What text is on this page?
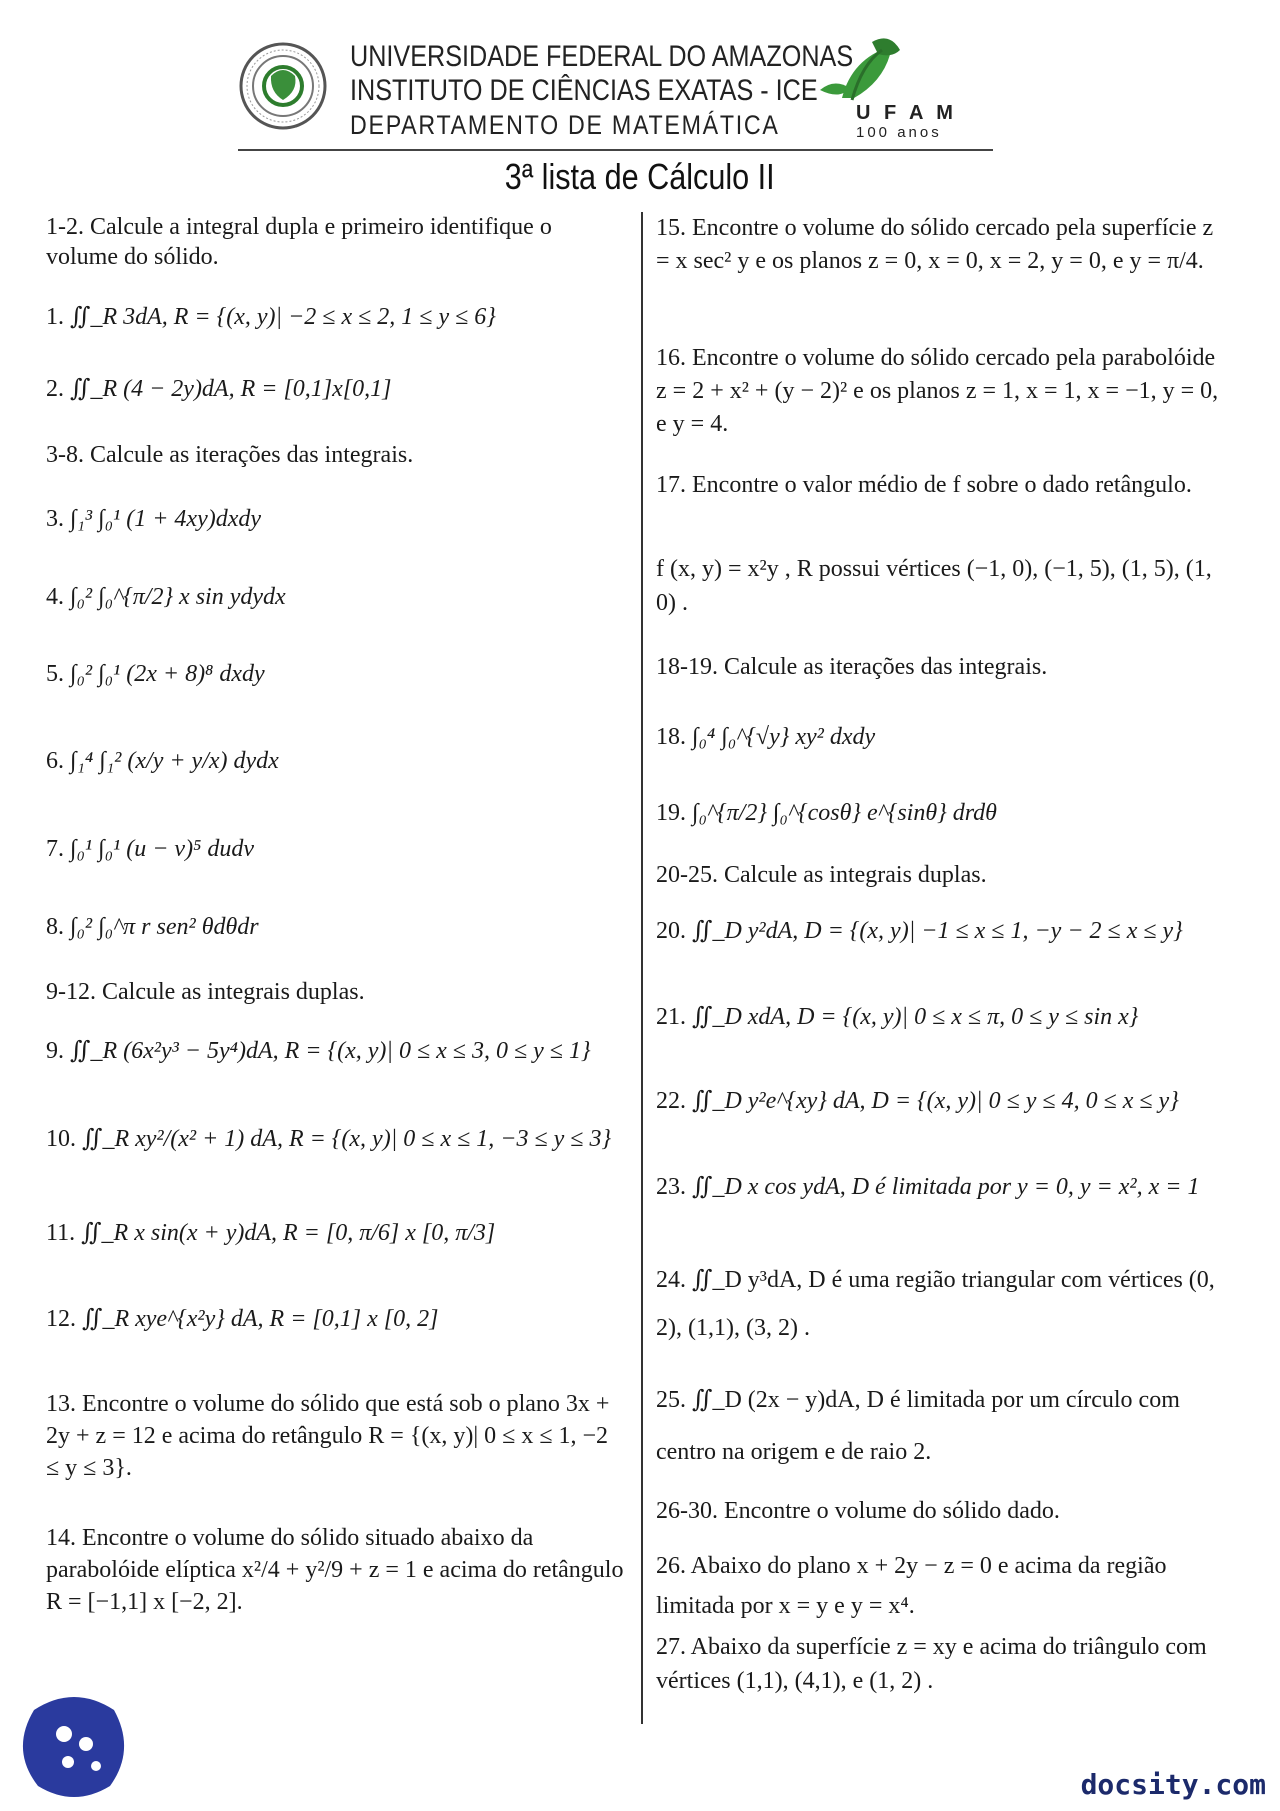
UNIVERSIDADE FEDERAL DO AMAZONAS
INSTITUTO DE CIÊNCIAS EXATAS - ICE
DEPARTAMENTO DE MATEMÁTICA	U F A M
100 anos
3ª lista de Cálculo II

1-2. Calcule a integral dupla e primeiro identifique o volume do sólido.

1. ∬_R 3dA, R = {(x, y)| −2 ≤ x ≤ 2, 1 ≤ y ≤ 6}
2. ∬_R (4 − 2y)dA, R = [0,1]x[0,1]

3-8. Calcule as iterações das integrais.

3. ∫₁³ ∫₀¹ (1 + 4xy)dxdy
4. ∫₀² ∫₀^{π/2} x sin ydydx
5. ∫₀² ∫₀¹ (2x + 8)⁸ dxdy
6. ∫₁⁴ ∫₁² (x/y + y/x) dydx
7. ∫₀¹ ∫₀¹ (u − v)⁵ dudv
8. ∫₀² ∫₀^π r sen² θdθdr

9-12. Calcule as integrais duplas.

9. ∬_R (6x²y³ − 5y⁴)dA, R = {(x, y)| 0 ≤ x ≤ 3, 0 ≤ y ≤ 1}
10. ∬_R xy²/(x² + 1) dA, R = {(x, y)| 0 ≤ x ≤ 1, −3 ≤ y ≤ 3}
11. ∬_R x sin(x + y)dA, R = [0, π/6] x [0, π/3]
12. ∬_R xye^{x²y} dA, R = [0,1] x [0, 2]

13. Encontre o volume do sólido que está sob o plano 3x + 2y + z = 12 e acima do retângulo R = {(x, y)| 0 ≤ x ≤ 1, −2 ≤ y ≤ 3}.

14. Encontre o volume do sólido situado abaixo da parabolóide elíptica x²/4 + y²/9 + z = 1 e acima do retângulo R = [−1,1] x [−2, 2].

15. Encontre o volume do sólido cercado pela superfície z = x sec² y e os planos z = 0, x = 0, x = 2, y = 0, e y = π/4.

16. Encontre o volume do sólido cercado pela parabolóide z = 2 + x² + (y − 2)² e os planos z = 1, x = 1, x = −1, y = 0, e y = 4.

17. Encontre o valor médio de f sobre o dado retângulo.

f (x, y) = x²y , R possui vértices (−1, 0), (−1, 5), (1, 5), (1, 0) .

18-19. Calcule as iterações das integrais.

18. ∫₀⁴ ∫₀^{√y} xy² dxdy
19. ∫₀^{π/2} ∫₀^{cosθ} e^{sinθ} drdθ

20-25. Calcule as integrais duplas.

20. ∬_D y²dA, D = {(x, y)| −1 ≤ x ≤ 1, −y − 2 ≤ x ≤ y}
21. ∬_D xdA, D = {(x, y)| 0 ≤ x ≤ π, 0 ≤ y ≤ sin x}
22. ∬_D y²e^{xy} dA, D = {(x, y)| 0 ≤ y ≤ 4, 0 ≤ x ≤ y}
23. ∬_D x cos ydA, D é limitada por y = 0, y = x², x = 1

24. ∬_D y³dA, D é uma região triangular com vértices (0, 2), (1,1), (3, 2) .

25. ∬_D (2x − y)dA, D é limitada por um círculo com centro na origem e de raio 2.

26-30. Encontre o volume do sólido dado.

26. Abaixo do plano x + 2y − z = 0 e acima da região limitada por x = y e y = x⁴.

27. Abaixo da superfície z = xy e acima do triângulo com vértices (1,1), (4,1), e (1, 2) .

docsity.com
